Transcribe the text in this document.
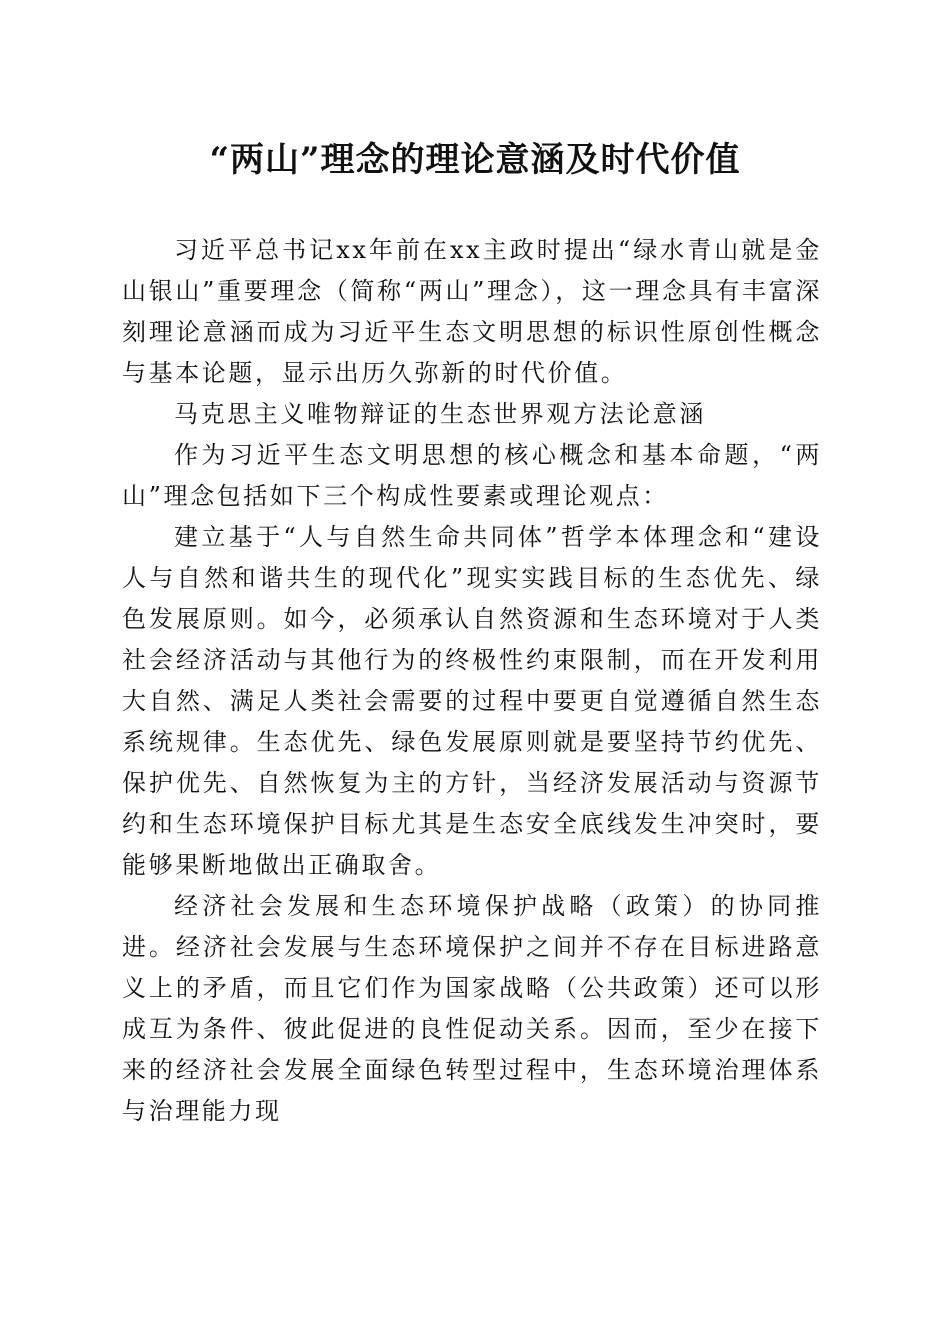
“两山”理念的理论意涵及时代价值

习近平总书记xx年前在xx主政时提出“绿水青山就是金山银山”重要理念（简称“两山”理念），这一理念具有丰富深刻理论意涵而成为习近平生态文明思想的标识性原创性概念与基本论题，显示出历久弥新的时代价值。

马克思主义唯物辩证的生态世界观方法论意涵

作为习近平生态文明思想的核心概念和基本命题，“两山”理念包括如下三个构成性要素或理论观点：

建立基于“人与自然生命共同体”哲学本体理念和“建设人与自然和谐共生的现代化”现实实践目标的生态优先、绿色发展原则。如今，必须承认自然资源和生态环境对于人类社会经济活动与其他行为的终极性约束限制，而在开发利用大自然、满足人类社会需要的过程中要更自觉遵循自然生态系统规律。生态优先、绿色发展原则就是要坚持节约优先、保护优先、自然恢复为主的方针，当经济发展活动与资源节约和生态环境保护目标尤其是生态安全底线发生冲突时，要能够果断地做出正确取舍。

经济社会发展和生态环境保护战略（政策）的协同推进。经济社会发展与生态环境保护之间并不存在目标进路意义上的矛盾，而且它们作为国家战略（公共政策）还可以形成互为条件、彼此促进的良性促动关系。因而，至少在接下来的经济社会发展全面绿色转型过程中，生态环境治理体系与治理能力现
